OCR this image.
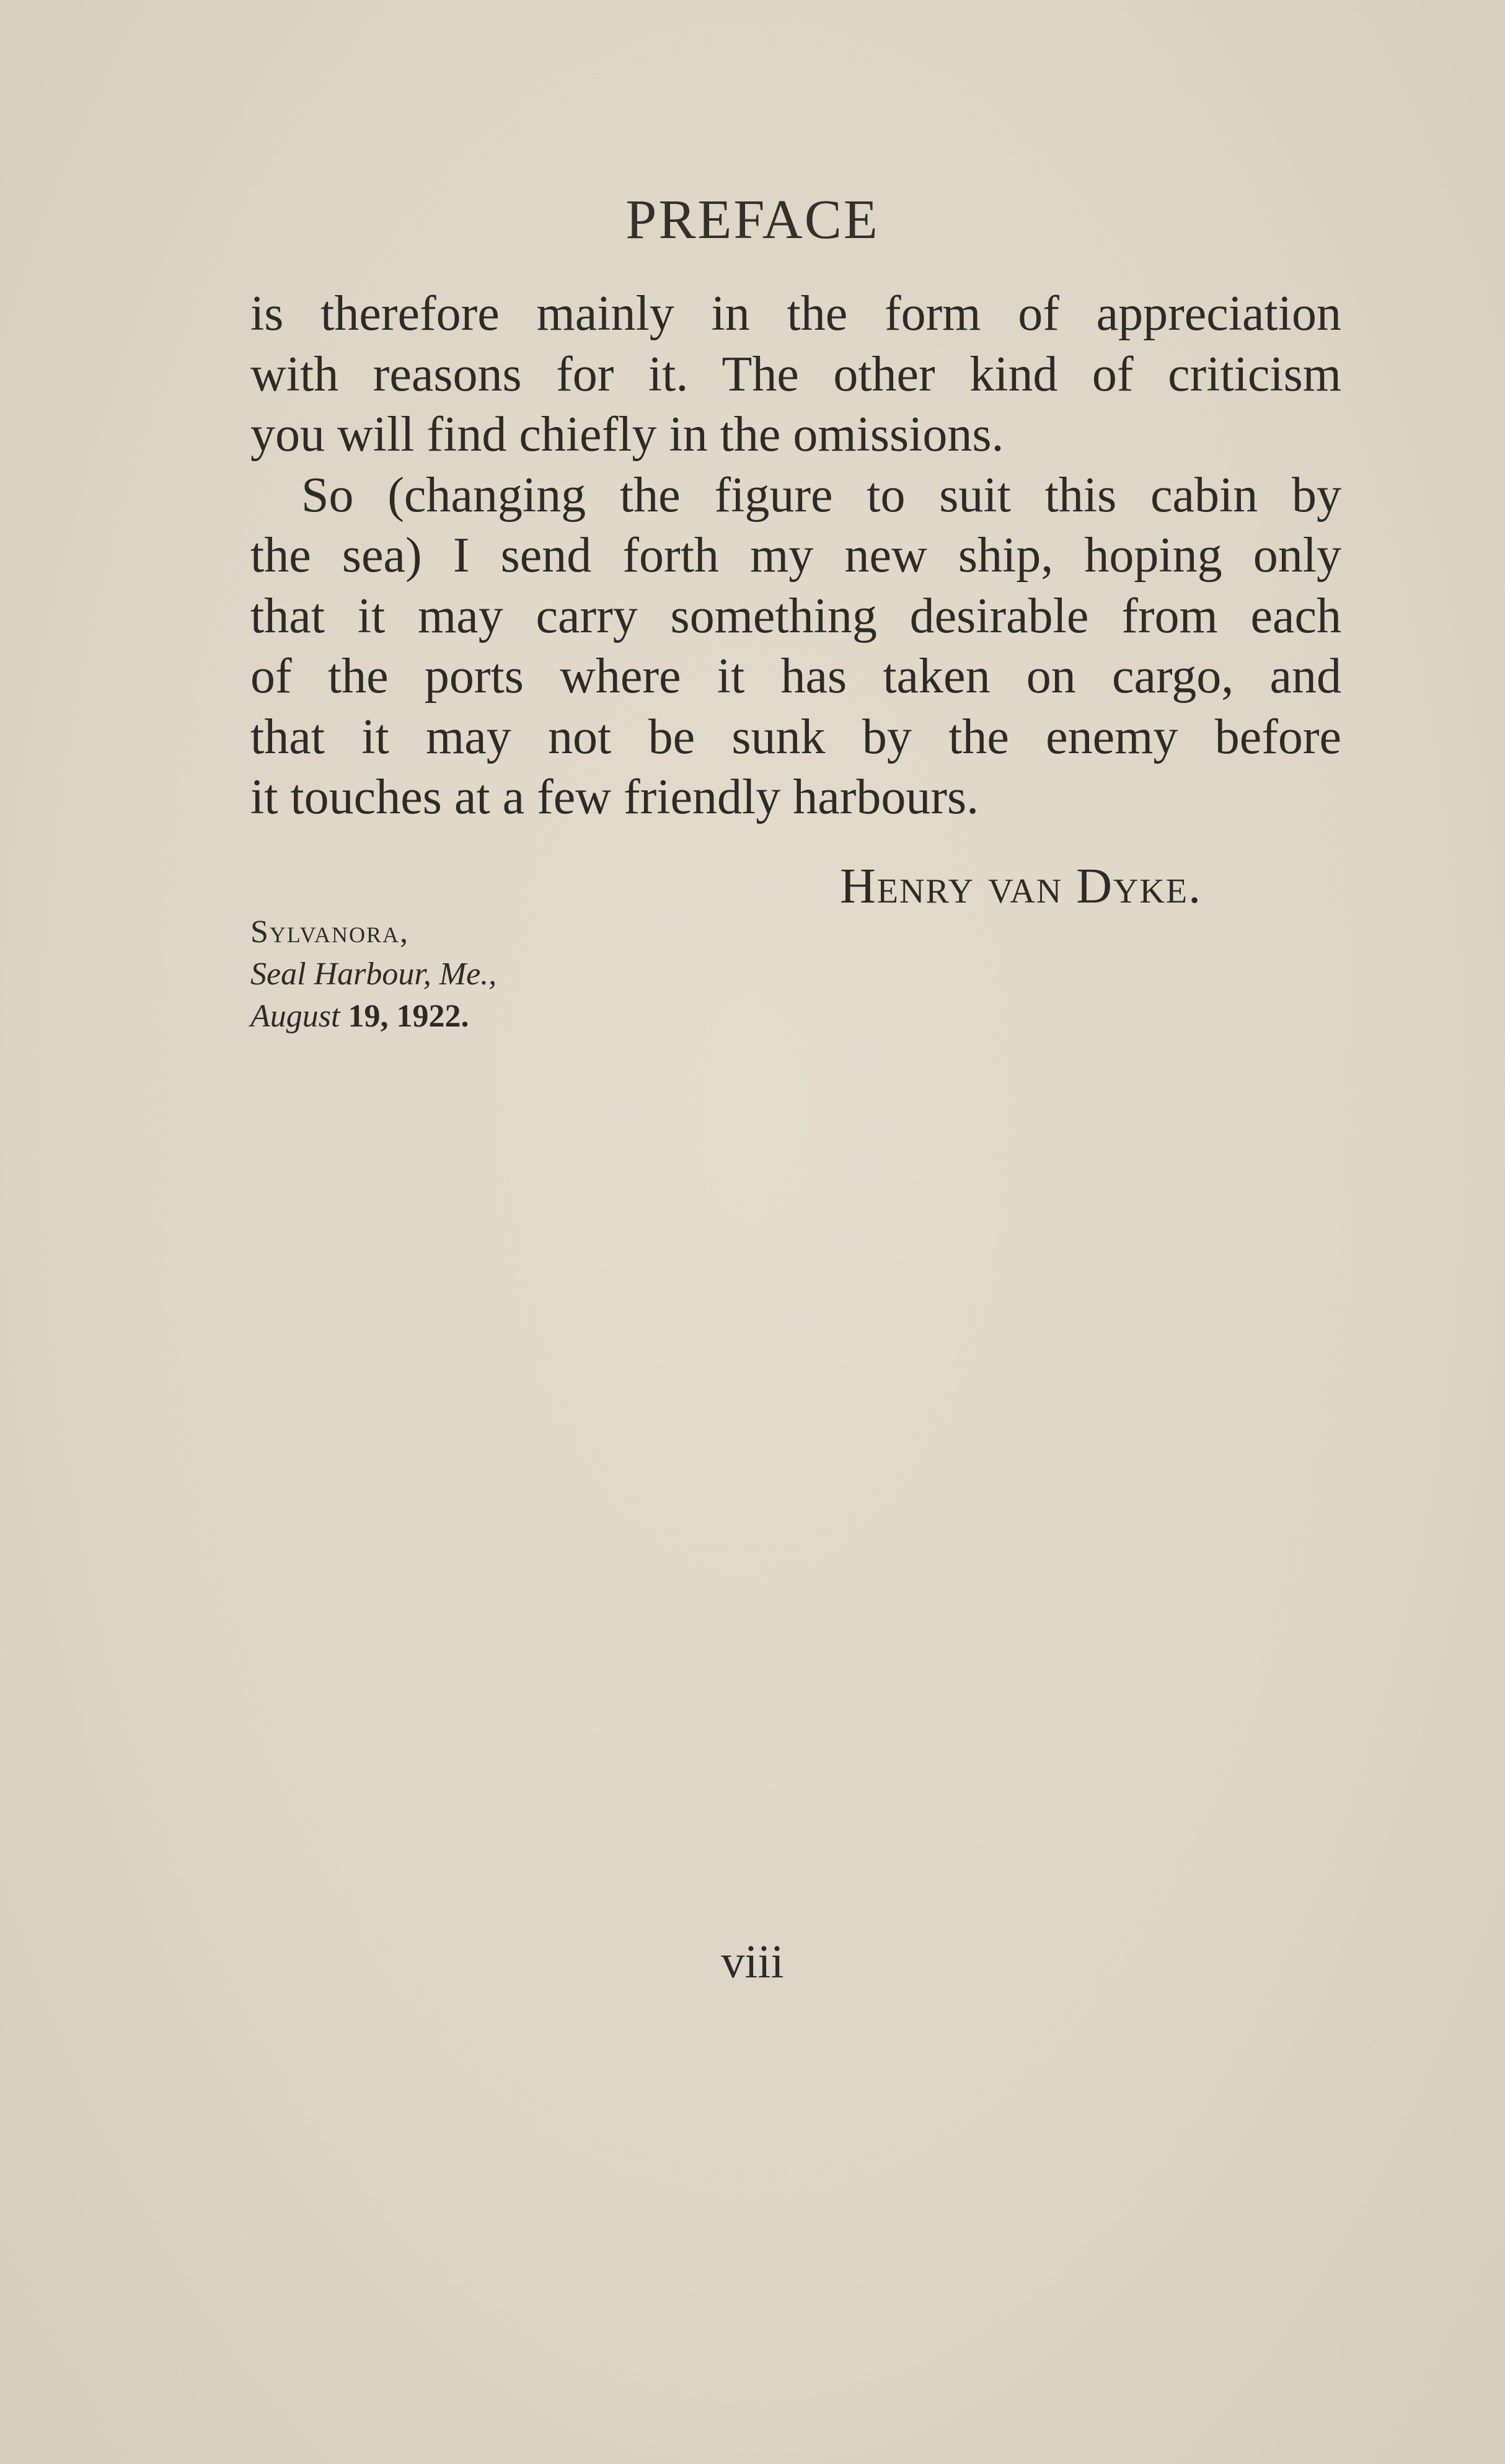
PREFACE
is therefore mainly in the form of appreciation
with reasons for it. The other kind of criticism
you will find chiefly in the omissions.
So (changing the figure to suit this cabin by
the sea) I send forth my new ship, hoping only
that it may carry something desirable from each
of the ports where it has taken on cargo, and
that it may not be sunk by the enemy before
it touches at a few friendly harbours.
Henry van Dyke.
Sylvanora,
Seal Harbour, Me.,
August 19, 1922.
viii
